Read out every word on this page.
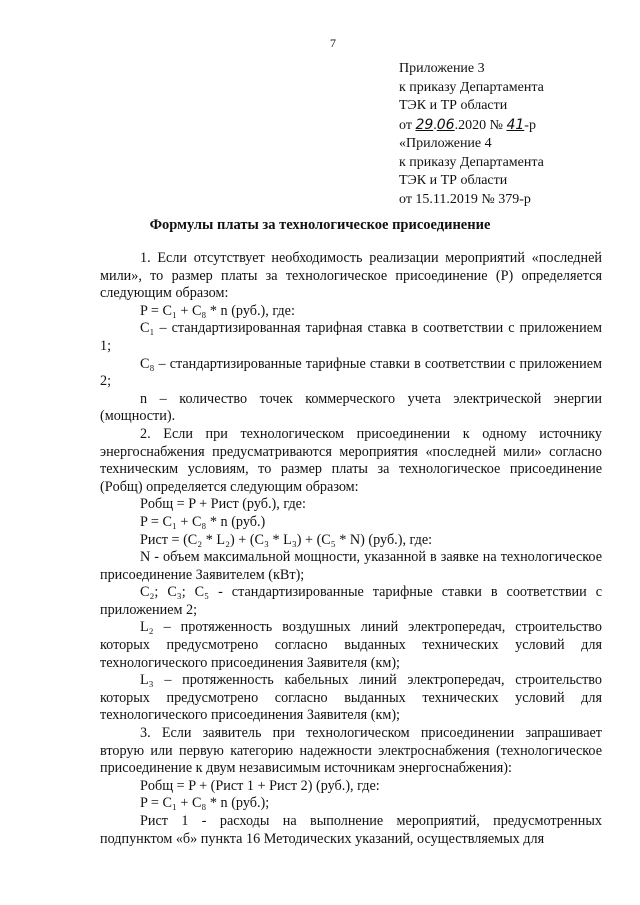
7
Приложение 3
к приказу Департамента
ТЭК и ТР области
от 29.06.2020 № 41-р
«Приложение 4
к приказу Департамента
ТЭК и ТР области
от 15.11.2019 № 379-р
Формулы платы за технологическое присоединение

1. Если отсутствует необходимость реализации мероприятий «последней мили», то размер платы за технологическое присоединение (Р) определяется следующим образом:

P = C₁ + C₈ * n (руб.), где:

C₁ – стандартизированная тарифная ставка в соответствии с приложением 1;

C₈ – стандартизированные тарифные ставки в соответствии с приложением 2;

n – количество точек коммерческого учета электрической энергии (мощности).

2. Если при технологическом присоединении к одному источнику энергоснабжения предусматриваются мероприятия «последней мили» согласно техническим условиям, то размер платы за технологическое присоединение (Pобщ) определяется следующим образом:

Pобщ = P + Pист (руб.), где:
P = C₁ + C₈ * n (руб.)
Pист = (C₂ * L₂) + (C₃ * L₃) + (C₅ * N) (руб.), где:

N - объем максимальной мощности, указанной в заявке на технологическое присоединение Заявителем (кВт);

C₂; C₃; C₅ - стандартизированные тарифные ставки в соответствии с приложением 2;

L₂ – протяженность воздушных линий электропередач, строительство которых предусмотрено согласно выданных технических условий для технологического присоединения Заявителя (км);

L₃ – протяженность кабельных линий электропередач, строительство которых предусмотрено согласно выданных технических условий для технологического присоединения Заявителя (км);

3. Если заявитель при технологическом присоединении запрашивает вторую или первую категорию надежности электроснабжения (технологическое присоединение к двум независимым источникам энергоснабжения):

Pобщ = P + (Pист 1 + Pист 2) (руб.), где:
P = C₁ + C₈ * n (руб.);

Pист 1 - расходы на выполнение мероприятий, предусмотренных подпунктом «б» пункта 16 Методических указаний, осуществляемых для
